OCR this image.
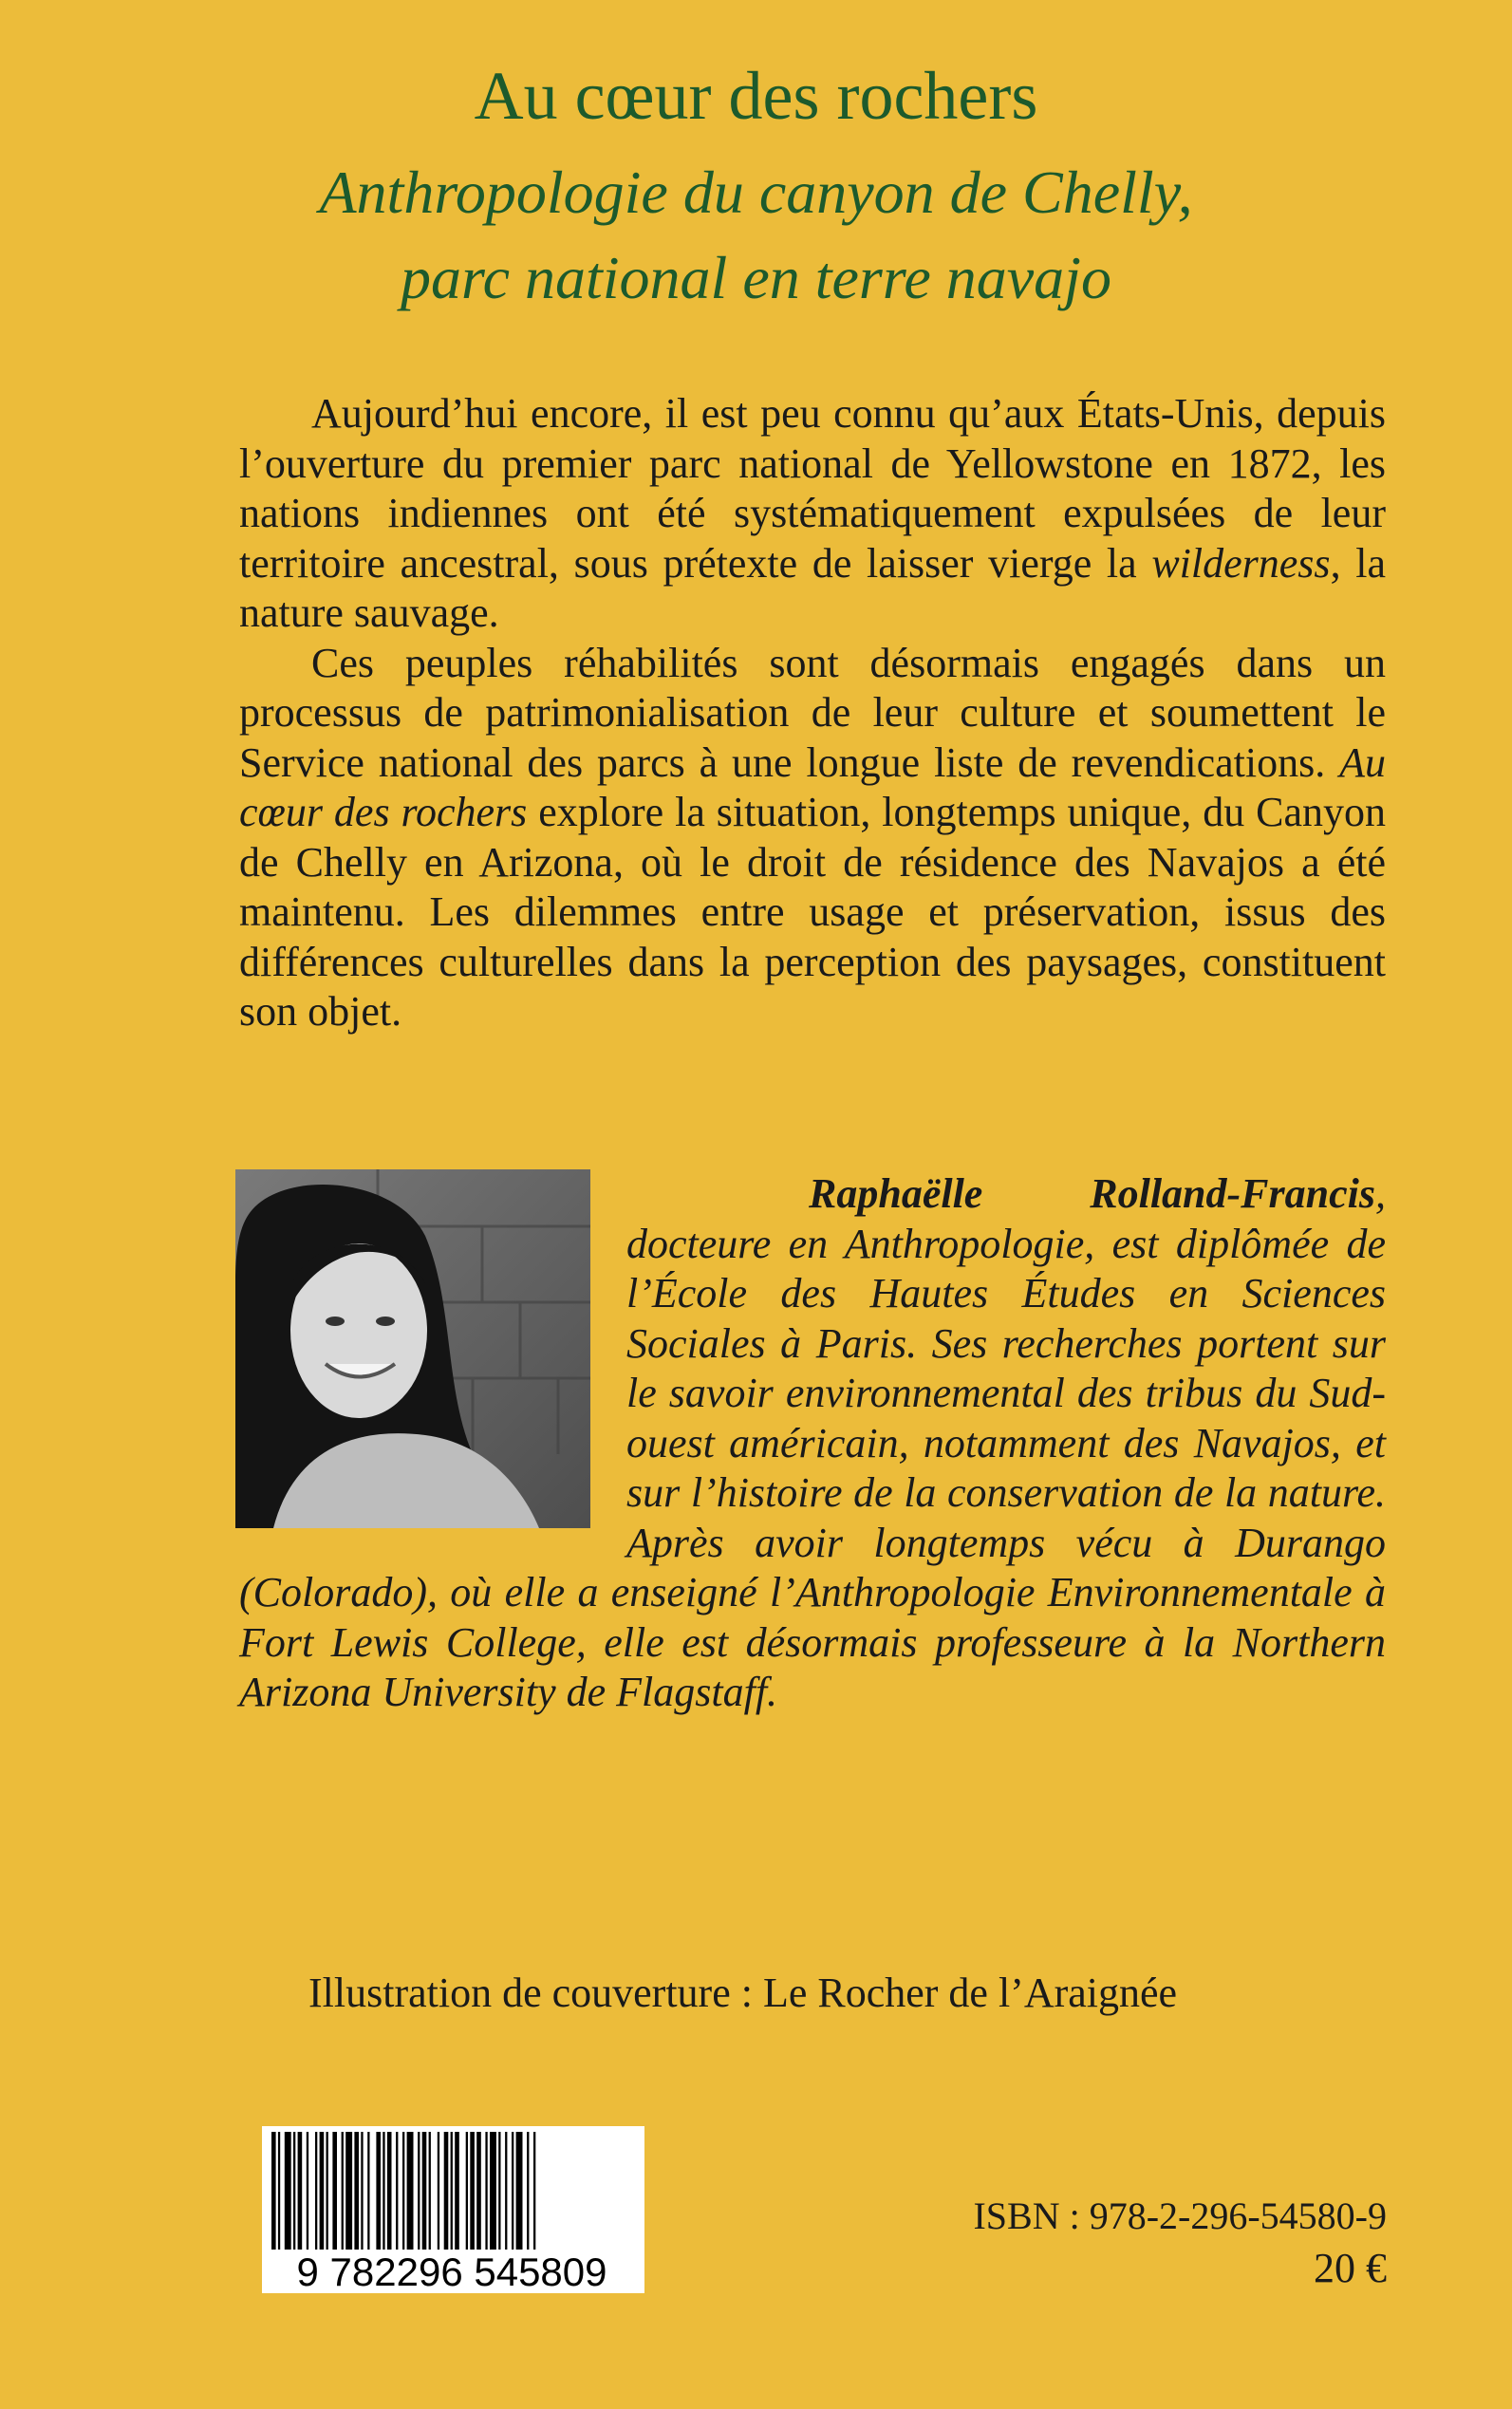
Au cœur des rochers
Anthropologie du canyon de Chelly,
parc national en terre navajo

Aujourd’hui encore, il est peu connu qu’aux États-Unis, depuis l’ouverture du premier parc national de Yellowstone en 1872, les nations indiennes ont été systématiquement expulsées de leur territoire ancestral, sous prétexte de laisser vierge la wilderness, la nature sauvage.

Ces peuples réhabilités sont désormais engagés dans un processus de patrimonialisation de leur culture et soumettent le Service national des parcs à une longue liste de revendications. Au cœur des rochers explore la situation, longtemps unique, du Canyon de Chelly en Arizona, où le droit de résidence des Navajos a été maintenu. Les dilemmes entre usage et préservation, issus des différences culturelles dans la perception des paysages, constituent son objet.

Raphaëlle Rolland-Francis, docteure en Anthropologie, est diplômée de l’École des Hautes Études en Sciences Sociales à Paris. Ses recherches portent sur le savoir environnemental des tribus du Sud-ouest américain, notamment des Navajos, et sur l’histoire de la conservation de la nature. Après avoir longtemps vécu à Durango (Colorado), où elle a enseigné l’Anthropologie Environnementale à Fort Lewis College, elle est désormais professeure à la Northern Arizona University de Flagstaff.

Illustration de couverture : Le Rocher de l’Araignée
9 782296 545809
ISBN : 978-2-296-54580-9
20 €
